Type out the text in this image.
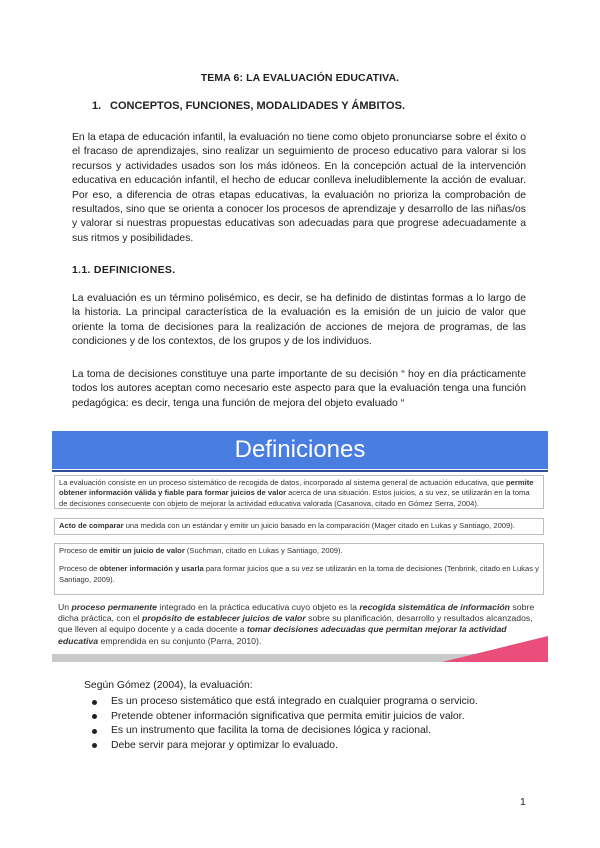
TEMA 6: LA EVALUACIÓN EDUCATIVA.
1. CONCEPTOS, FUNCIONES, MODALIDADES Y ÁMBITOS.

En la etapa de educación infantil, la evaluación no tiene como objeto pronunciarse sobre el éxito o el fracaso de aprendizajes, sino realizar un seguimiento de proceso educativo para valorar si los recursos y actividades usados son los más idóneos. En la concepción actual de la intervención educativa en educación infantil, el hecho de educar conlleva ineludiblemente la acción de evaluar. Por eso, a diferencia de otras etapas educativas, la evaluación no prioriza la comprobación de resultados, sino que se orienta a conocer los procesos de aprendizaje y desarrollo de las niñas/os y valorar si nuestras propuestas educativas son adecuadas para que progrese adecuadamente a sus ritmos y posibilidades.

1.1. DEFINICIONES.

La evaluación es un término polisémico, es decir, se ha definido de distintas formas a lo largo de la historia. La principal característica de la evaluación es la emisión de un juicio de valor que oriente la toma de decisiones para la realización de acciones de mejora de programas, de las condiciones y de los contextos, de los grupos y de los individuos.

La toma de decisiones constituye una parte importante de su decisión “ hoy en día prácticamente todos los autores aceptan como necesario este aspecto para que la evaluación tenga una función pedagógica: es decir, tenga una función de mejora del objeto evaluado “

Definiciones

La evaluación consiste en un proceso sistemático de recogida de datos, incorporado al sistema general de actuación educativa, que permite obtener información válida y fiable para formar juicios de valor acerca de una situación. Estos juicios, a su vez, se utilizarán en la toma de decisiones consecuente con objeto de mejorar la actividad educativa valorada (Casanova, citado en Gómez Serra, 2004).

Acto de comparar una medida con un estándar y emitir un juicio basado en la comparación (Mager citado en Lukas y Santiago, 2009).

Proceso de emitir un juicio de valor (Suchman, citado en Lukas y Santiago, 2009).

Proceso de obtener información y usarla para formar juicios que a su vez se utilizarán en la toma de decisiones (Tenbrink, citado en Lukas y Santiago, 2009).

Un proceso permanente integrado en la práctica educativa cuyo objeto es la recogida sistemática de información sobre dicha práctica, con el propósito de establecer juicios de valor sobre su planificación, desarrollo y resultados alcanzados, que lleven al equipo docente y a cada docente a tomar decisiones adecuadas que permitan mejorar la actividad educativa emprendida en su conjunto (Parra, 2010).

Según Gómez (2004), la evaluación:
Es un proceso sistemático que está integrado en cualquier programa o servicio.
Pretende obtener información significativa que permita emitir juicios de valor.
Es un instrumento que facilita la toma de decisiones lógica y racional.
Debe servir para mejorar y optimizar lo evaluado.
1
